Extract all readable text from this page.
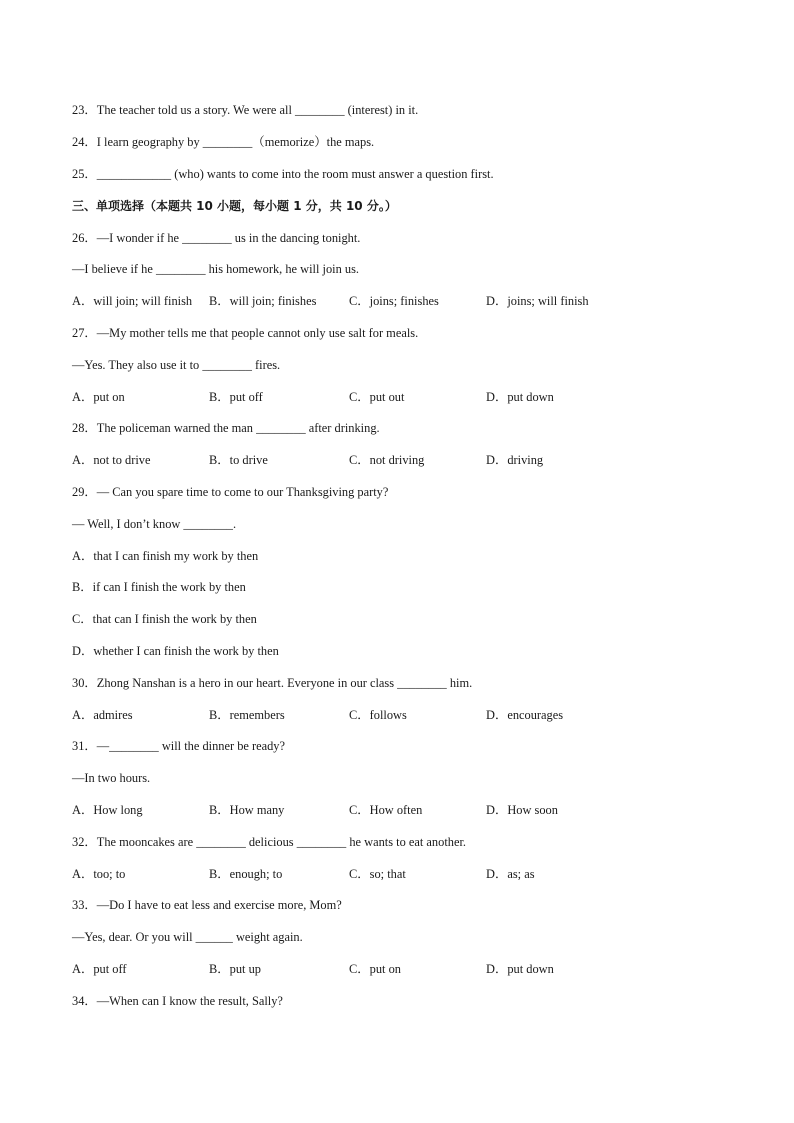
23．The teacher told us a story. We were all ________ (interest) in it.
24．I learn geography by ________（memorize）the maps.
25．____________ (who) wants to come into the room must answer a question first.
三、单项选择（本题共 10 小题，每小题 1 分，共 10 分。）
26．—I wonder if he ________ us in the dancing tonight.
—I believe if he ________ his homework, he will join us.
A．will join; will finish B．will join; finishes	C．joins; finishes	D．joins; will finish
27．—My mother tells me that people cannot only use salt for meals.
—Yes. They also use it to ________ fires.
A．put on	B．put off	C．put out	D．put down
28．The policeman warned the man ________ after drinking.
A．not to drive	B．to drive	C．not driving	D．driving
29．— Can you spare time to come to our Thanksgiving party?
— Well, I don’t know ________.
A．that I can finish my work by then
B．if can I finish the work by then
C．that can I finish the work by then
D．whether I can finish the work by then
30．Zhong Nanshan is a hero in our heart. Everyone in our class ________ him.
A．admires	B．remembers	C．follows	D．encourages
31．—________ will the dinner be ready?
—In two hours.
A．How long	B．How many	C．How often	D．How soon
32．The mooncakes are ________ delicious ________ he wants to eat another.
A．too; to	B．enough; to	C．so; that	D．as; as
33．—Do I have to eat less and exercise more, Mom?
—Yes, dear. Or you will ______ weight again.
A．put off	B．put up	C．put on	D．put down
34．—When can I know the result, Sally?
